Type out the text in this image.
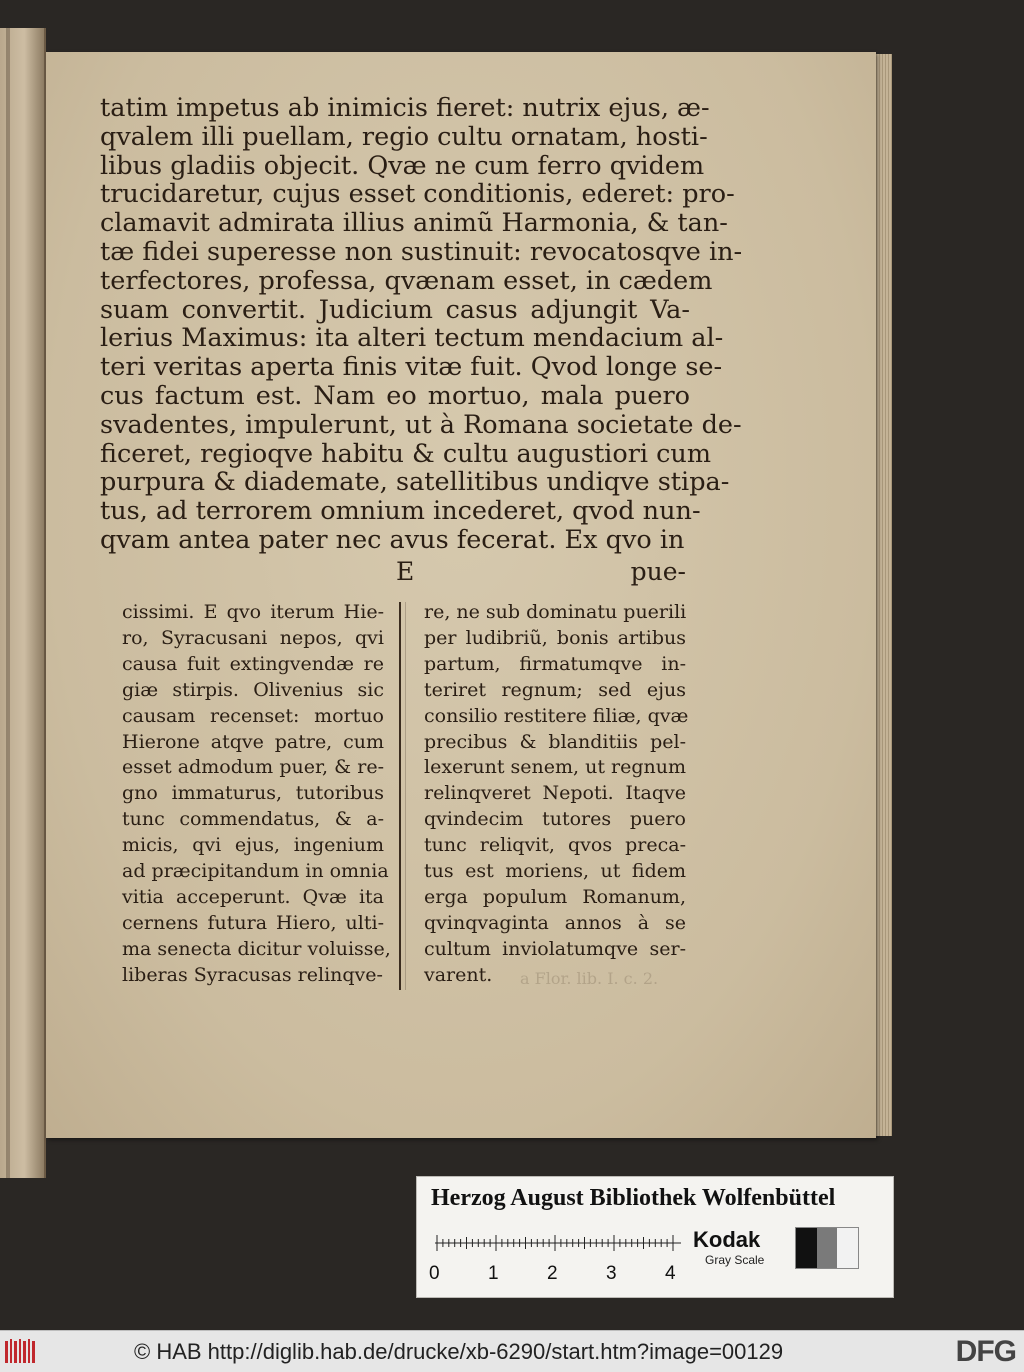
tatim impetus ab inimicis fieret: nutrix ejus, æ-
qvalem illi puellam, regio cultu ornatam, hosti-
libus gladiis objecit. Qvæ ne cum ferro qvidem
trucidaretur, cujus esset conditionis, ederet: pro-
clamavit admirata illius animũ Harmonia, & tan-
tæ fidei superesse non sustinuit: revocatosqve in-
terfectores, professa, qvænam esset, in cædem
suam convertit. Judicium casus adjungit Va-
lerius Maximus: ita alteri tectum mendacium al-
teri veritas aperta finis vitæ fuit. Qvod longe se-
cus factum est. Nam eo mortuo, mala puero
svadentes, impulerunt, ut à Romana societate de-
ficeret, regioqve habitu & cultu augustiori cum
purpura & diademate, satellitibus undiqve stipa-
tus, ad terrorem omnium incederet, qvod nun-
qvam antea pater nec avus fecerat. Ex qvo in
E	pue-
cissimi. E qvo iterum Hie-
ro, Syracusani nepos, qvi
causa fuit extingvendæ re
giæ stirpis. Olivenius sic
causam recenset: mortuo
Hierone atqve patre, cum
esset admodum puer, & re-
gno immaturus, tutoribus
tunc commendatus, & a-
micis, qvi ejus, ingenium
ad præcipitandum in omnia
vitia acceperunt. Qvæ ita
cernens futura Hiero, ulti-
ma senecta dicitur voluisse,
liberas Syracusas relinqve-
re, ne sub dominatu puerili
per ludibriũ, bonis artibus
partum, firmatumqve in-
teriret regnum; sed ejus
consilio restitere filiæ, qvæ
precibus & blanditiis pel-
lexerunt senem, ut regnum
relinqveret Nepoti. Itaqve
qvindecim tutores puero
tunc reliqvit, qvos preca-
tus est moriens, ut fidem
erga populum Romanum,
qvinqvaginta annos à se
cultum inviolatumqve ser-
varent.	a Flor. lib. I. c. 2.
Herzog August Bibliothek Wolfenbüttel
0	1	2	3	4
Kodak
Gray Scale
© HAB http://diglib.hab.de/drucke/xb-6290/start.htm?image=00129	DFG
